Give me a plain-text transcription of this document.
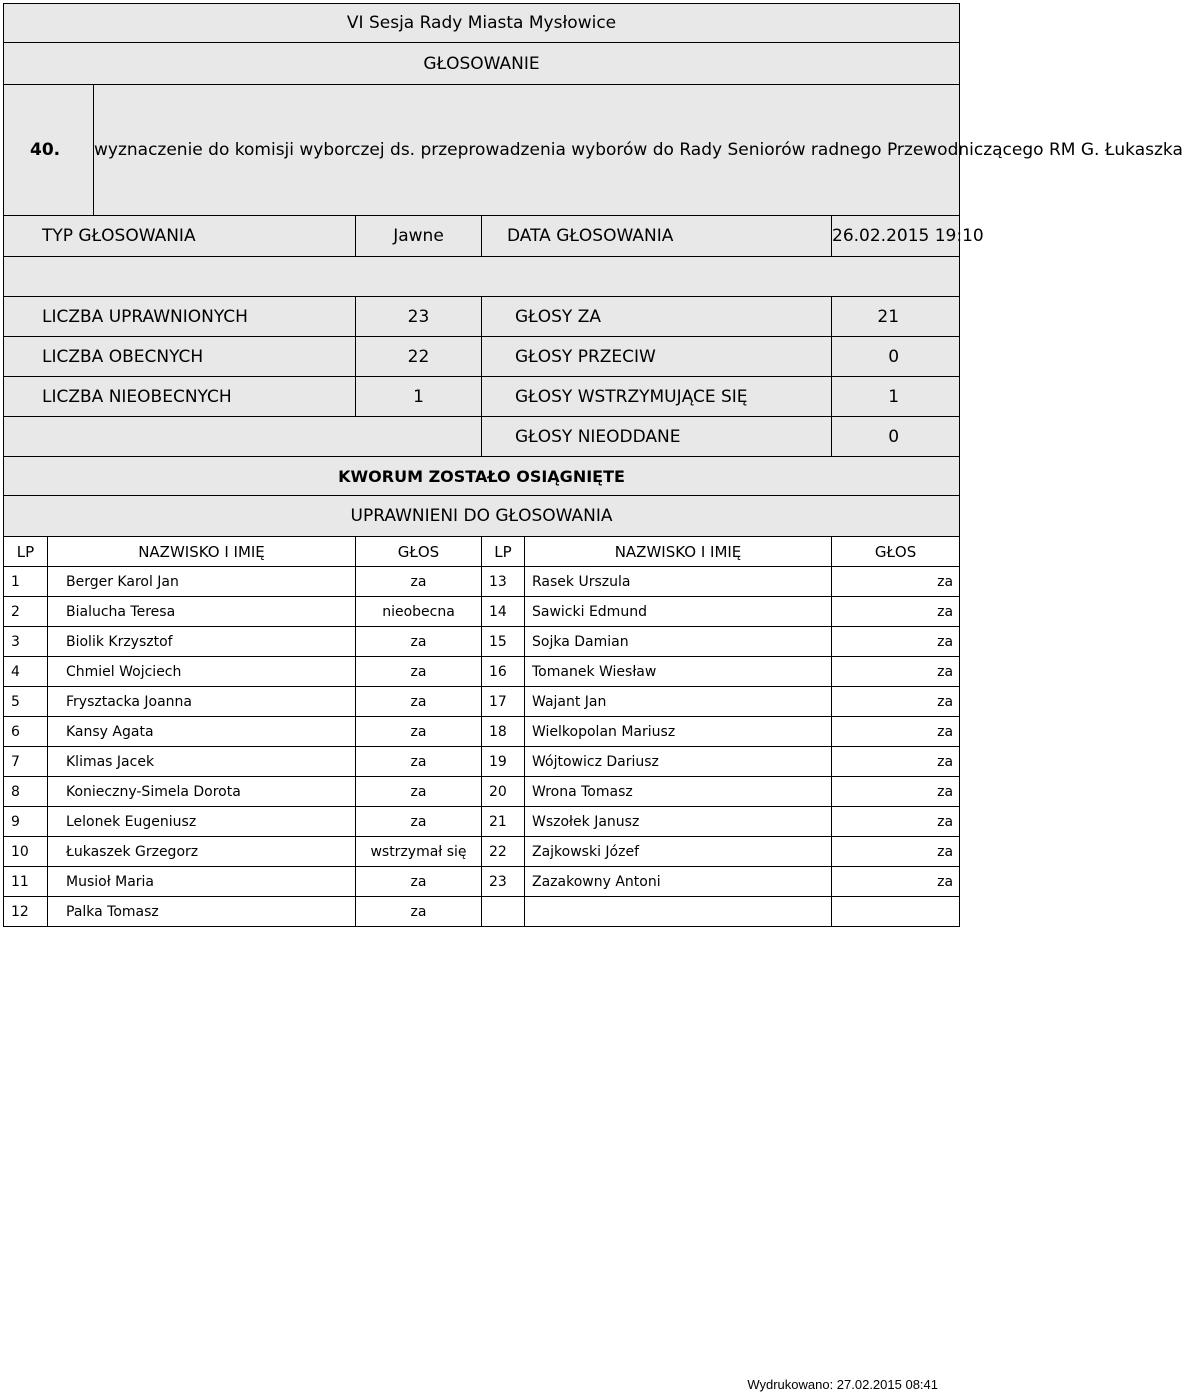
VI Sesja Rady Miasta Mysłowice						
GŁOSOWANIE						
40.		wyznaczenie do komisji wyborczej ds. przeprowadzenia wyborów do Rady Seniorów radnego Przewodniczącego RM G. Łukaszka				
TYP GŁOSOWANIA			Jawne	DATA GŁOSOWANIA		26.02.2015 19:10

LICZBA UPRAWNIONYCH			23	GŁOSY ZA		21
LICZBA OBECNYCH			22	GŁOSY PRZECIW		0
LICZBA NIEOBECNYCH			1	GŁOSY WSTRZYMUJĄCE SIĘ		1
				GŁOSY NIEODDANE		0
KWORUM ZOSTAŁO OSIĄGNIĘTE						
UPRAWNIENI DO GŁOSOWANIA						
LP	NAZWISKO I IMIĘ		GŁOS	LP	NAZWISKO I IMIĘ	GŁOS
1	Berger Karol Jan		za	13	Rasek Urszula	za
2	Bialucha Teresa		nieobecna	14	Sawicki Edmund	za
3	Biolik Krzysztof		za	15	Sojka Damian	za
4	Chmiel Wojciech		za	16	Tomanek Wiesław	za
5	Frysztacka Joanna		za	17	Wajant Jan	za
6	Kansy Agata		za	18	Wielkopolan Mariusz	za
7	Klimas Jacek		za	19	Wójtowicz Dariusz	za
8	Konieczny-Simela Dorota		za	20	Wrona Tomasz	za
9	Lelonek Eugeniusz		za	21	Wszołek Janusz	za
10	Łukaszek Grzegorz		wstrzymał się	22	Zajkowski Józef	za
11	Musioł Maria		za	23	Zazakowny Antoni	za
12	Palka Tomasz		za			
Wydrukowano: 27.02.2015 08:41
